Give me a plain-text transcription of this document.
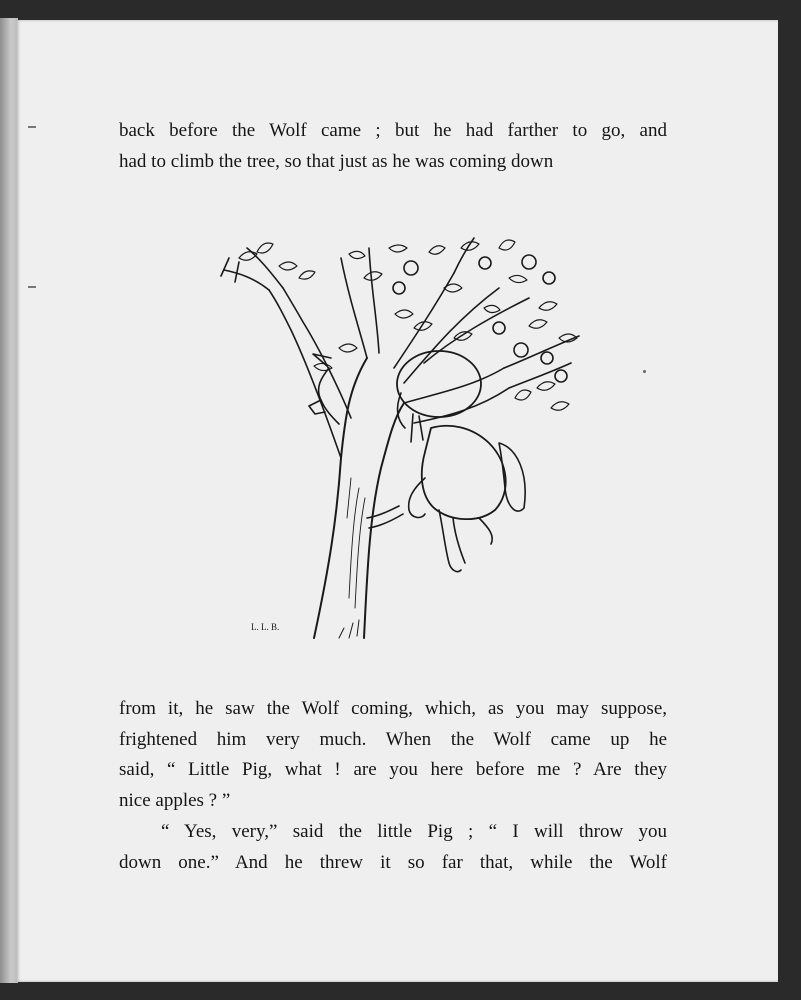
back before the Wolf came ; but he had farther to go, and
had to climb the tree, so that just as he was coming down
L. L. B.
from it, he saw the Wolf coming, which, as you may suppose,
frightened him very much. When the Wolf came up he
said, “ Little Pig, what ! are you here before me ? Are they
nice apples ? ”
“ Yes, very,” said the little Pig ; “ I will throw you
down one.” And he threw it so far that, while the Wolf
